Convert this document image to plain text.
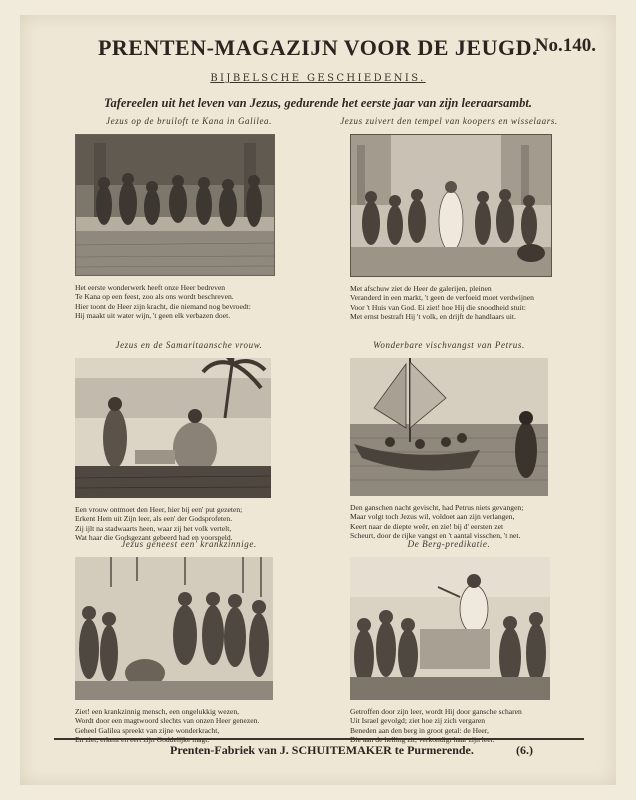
PRENTEN-MAGAZIJN VOOR DE JEUGD.
No.140.
BIJBELSCHE GESCHIEDENIS.
Tafereelen uit het leven van Jezus, gedurende het eerste jaar van zijn leeraarsambt.
Jezus op de bruiloft te Kana in Galilea.
Het eerste wonderwerk heeft onze Heer bedreven
Te Kana op een feest, zoo als ons wordt beschreven.
Hier toont de Heer zijn kracht, die niemand nog bevroedt:
Hij maakt uit water wijn, 't geen elk verbazen doet.
Jezus zuivert den tempel van koopers en wisselaars.
Met afschuw ziet de Heer de galerijen, pleinen
Veranderd in een markt, 't geen de verfoeid moet verdwijnen
Voor 't Huis van God. Ei ziet! hoe Hij die snoodheid stuit:
Met ernst bestraft Hij 't volk, en drijft de handlaars uit.
Jezus en de Samaritaansche vrouw.
Een vrouw ontmoet den Heer, hier bij een' put gezeten;
Erkent Hem uit Zijn leer, als een' der Godsprofeten.
Zij ijlt na stadwaarts heen, waar zij het volk vertelt,
Wat haar die Godsgezant gebeerd had en voorspeld.
Wonderbare vischvangst van Petrus.
Den ganschen nacht gevischt, had Petrus niets gevangen;
Maar volgt toch Jezus wil, voldoet aan zijn verlangen,
Keert naar de diepte weêr, en zie! bij d' eersten zet
Scheurt, door de rijke vangst en 't aantal visschen, 't net.
Jezus geneest een' krankzinnige.
Ziet! een krankzinnig mensch, een ongelukkig wezen,
Wordt door een magtwoord slechts van onzen Heer genezen.
Geheel Galilea spreekt van zijne wonderkracht,
En ziet, erkent en eert zijn Goddelijke magt.
De Berg-predikatie.
Getroffen door zijn leer, wordt Hij door gansche scharen
Uit Israel gevolgd; ziet hoe zij zich vergaren
Beneden aan den berg in groot getal: de Heer,
Die aan de helling zit, verkondigt haar zijn leer.
Prenten-Fabriek van J. SCHUITEMAKER te Purmerende.	(6.)
